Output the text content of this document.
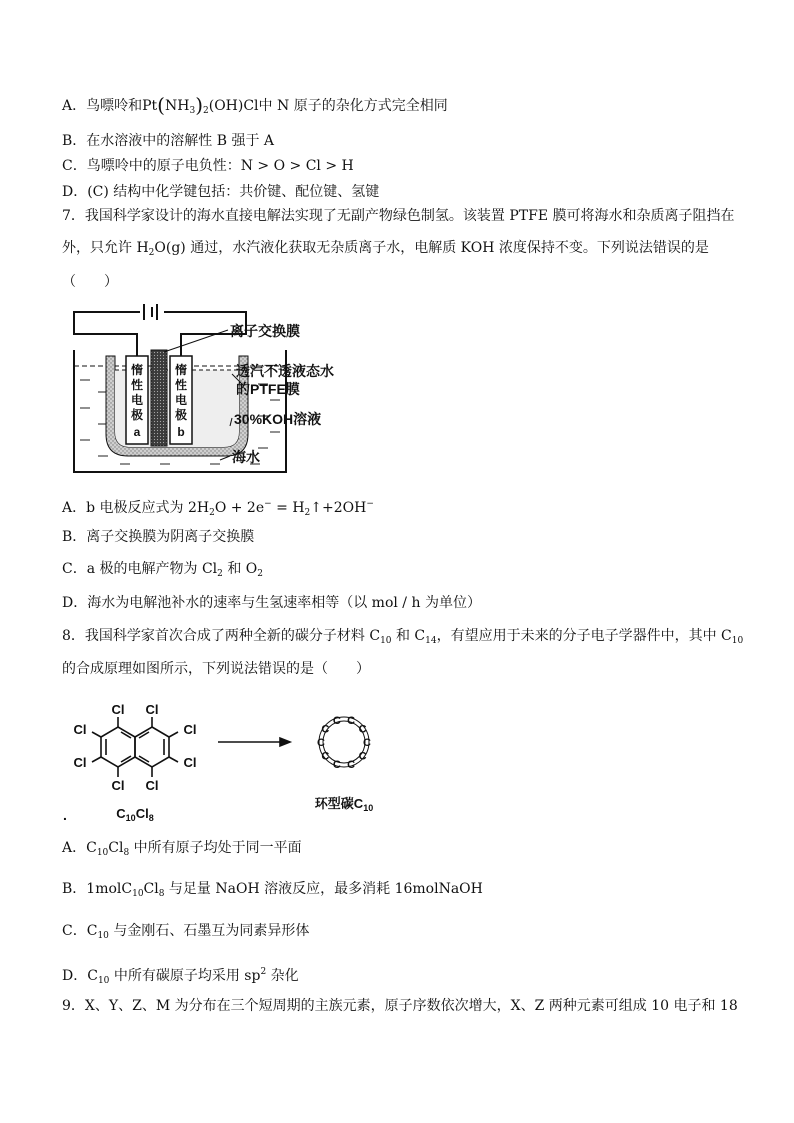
A．鸟嘌呤和$Pt(NH_3)_2(OH)Cl$中 N 原子的杂化方式完全相同
B．在水溶液中的溶解性 B 强于 A
C．鸟嘌呤中的原子电负性：N > O > Cl > H
D．(C) 结构中化学键包括：共价键、配位键、氢键
7．我国科学家设计的海水直接电解法实现了无副产物绿色制氢。该装置 PTFE 膜可将海水和杂质离子阻挡在
外，只允许 $H_2O(g)$ 通过，水汽液化获取无杂质离子水，电解质 KOH 浓度保持不变。下列说法错误的是
（　　）
惰
性
电
极
a
惰
性
电
极
b
离子交换膜
透汽不透液态水
的PTFE膜
30%KOH溶液
海水
A．b 电极反应式为 $2H_2O + 2e^-$ = $H_2↑+2OH^-$
B．离子交换膜为阴离子交换膜
C．a 极的电解产物为 $Cl_2$ 和 $O_2$
D．海水为电解池补水的速率与生氢速率相等（以 mol / h 为单位）
8．我国科学家首次合成了两种全新的碳分子材料 $C_{10}$ 和 $C_{14}$，有望应用于未来的分子电子学器件中，其中 $C_{10}$
的合成原理如图所示，下列说法错误的是（　　）
Cl Cl
Cl Cl
Cl
Cl
Cl
Cl
$C_{10}Cl_8$
C
C
C
C
C
C
C
C
C
C
环型碳$C_{10}$
.
A．$C_{10}Cl_8$ 中所有原子均处于同一平面
B．$1molC_{10}Cl_8$ 与足量 NaOH 溶液反应，最多消耗 16molNaOH
C．$C_{10}$ 与金刚石、石墨互为同素异形体
D．$C_{10}$ 中所有碳原子均采用 $sp^2$ 杂化
9．X、Y、Z、M 为分布在三个短周期的主族元素，原子序数依次增大，X、Z 两种元素可组成 10 电子和 18
